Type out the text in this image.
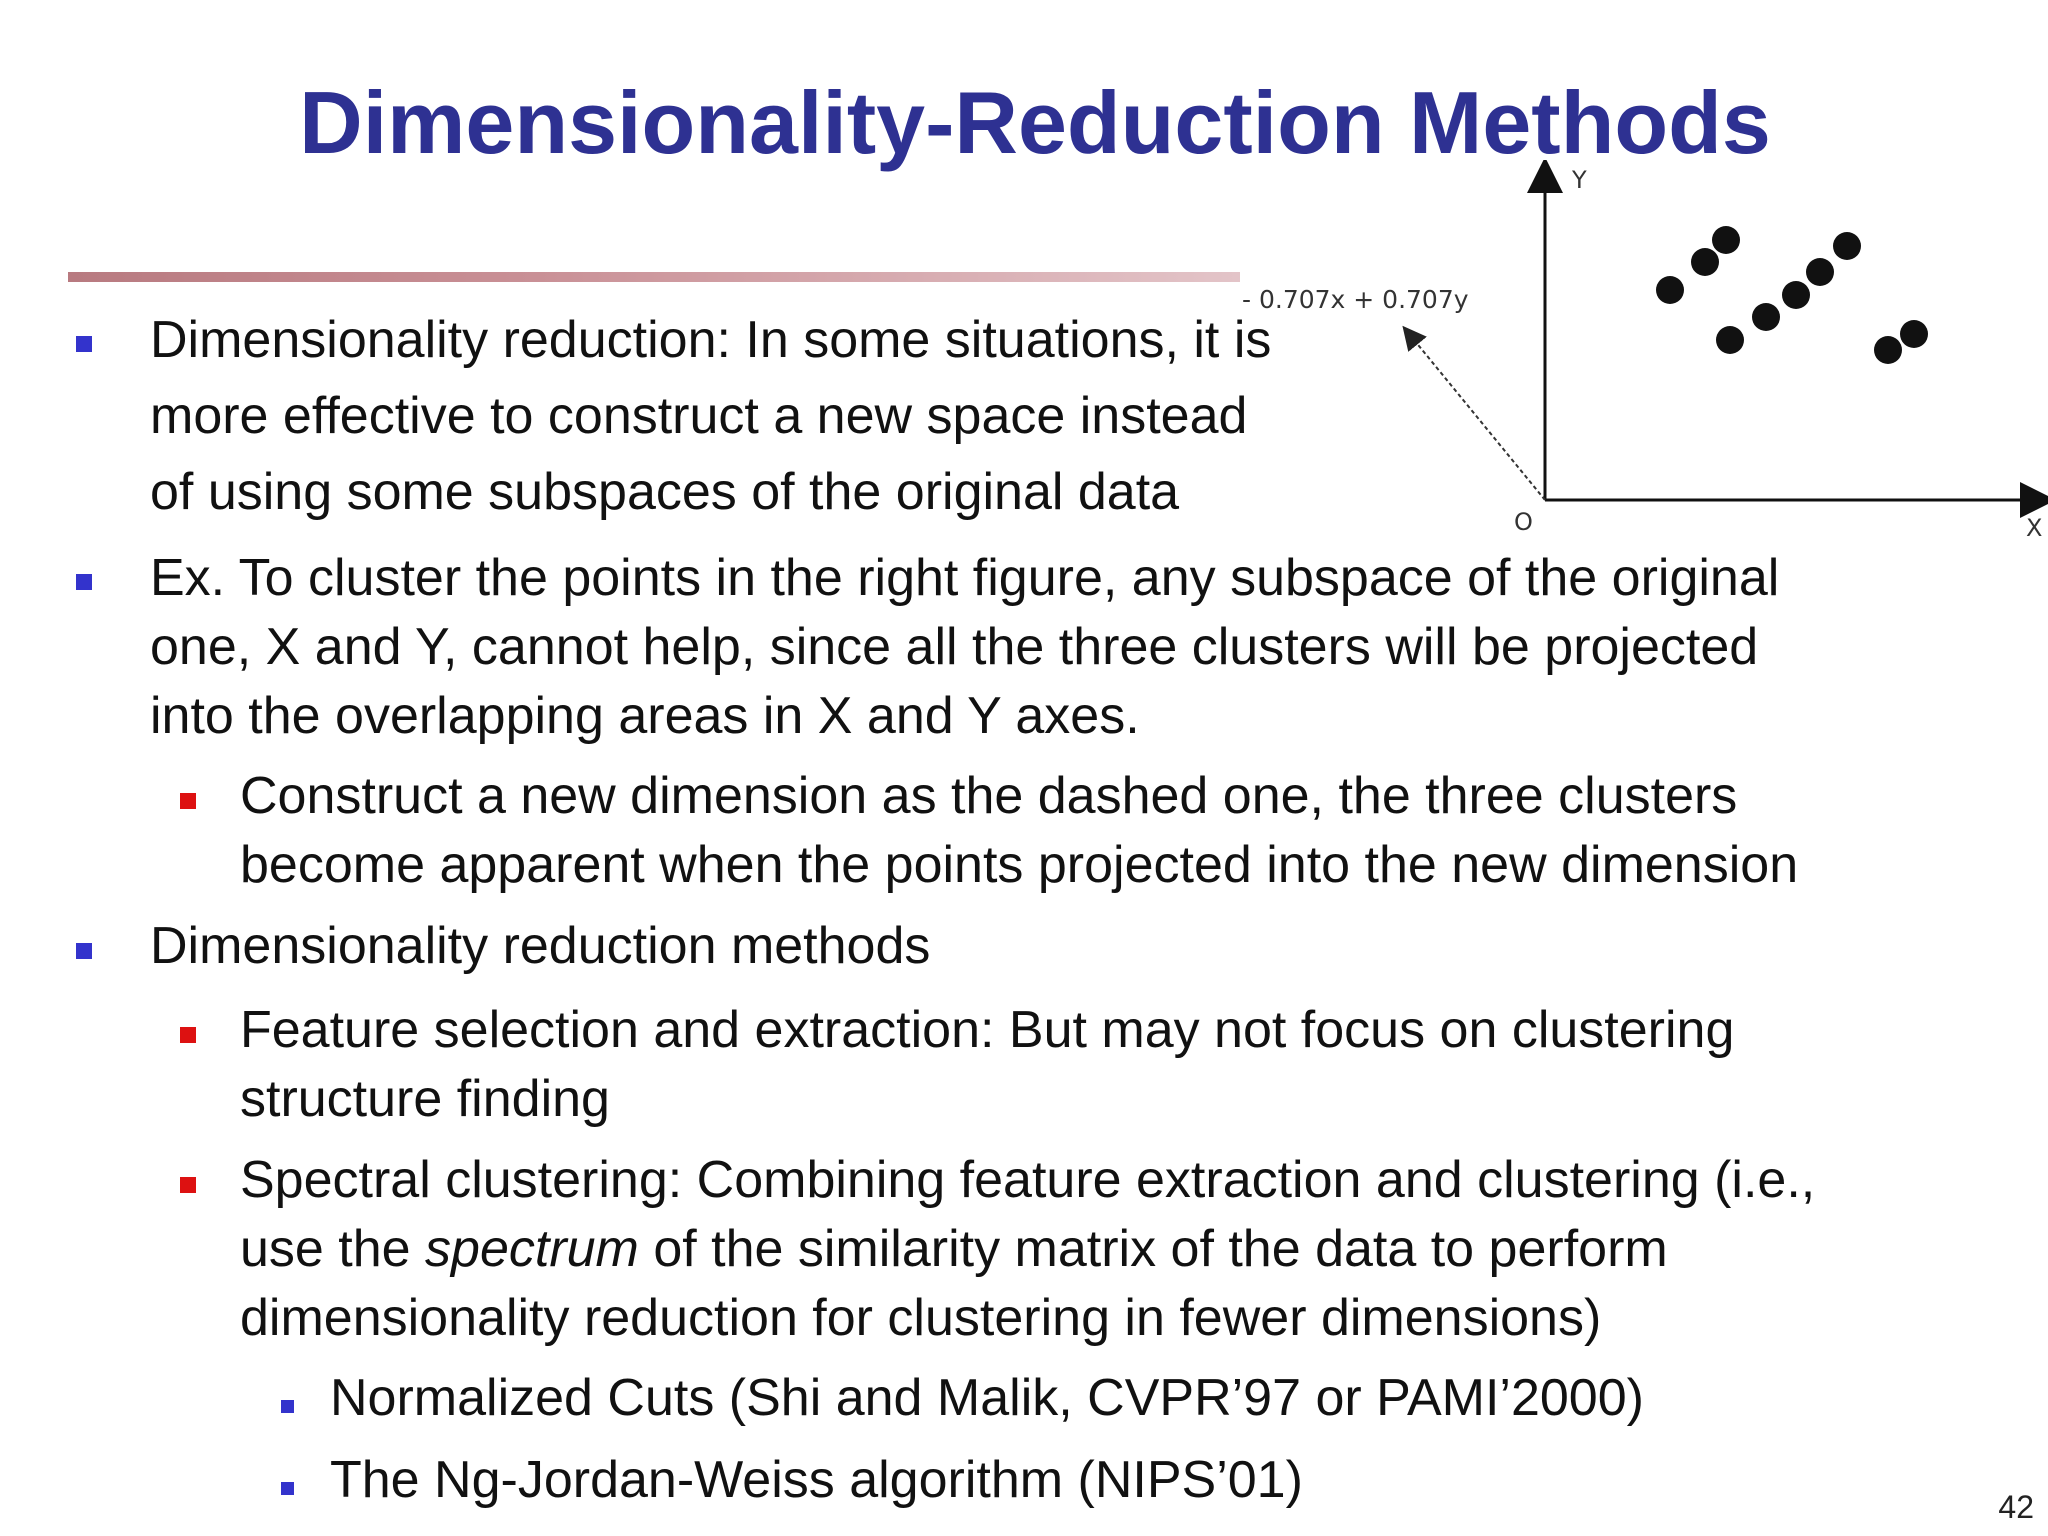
Dimensionality-Reduction Methods
Y
X
O
- 0.707x + 0.707y
Dimensionality reduction: In some situations, it is
more effective to construct a new space instead
of using some subspaces of the original data
Ex. To cluster the points in the right figure, any subspace of the original
one, X and Y, cannot help, since all the three clusters will be projected
into the overlapping areas in X and Y axes.
Construct a new dimension as the dashed one, the three clusters
become apparent when the points projected into the new dimension
Dimensionality reduction methods
Feature selection and extraction: But may not focus on clustering
structure finding
Spectral clustering: Combining feature extraction and clustering (i.e.,
use the spectrum of the similarity matrix of the data to perform
dimensionality reduction for clustering in fewer dimensions)
Normalized Cuts (Shi and Malik, CVPR’97 or PAMI’2000)
The Ng-Jordan-Weiss algorithm (NIPS’01)	42
